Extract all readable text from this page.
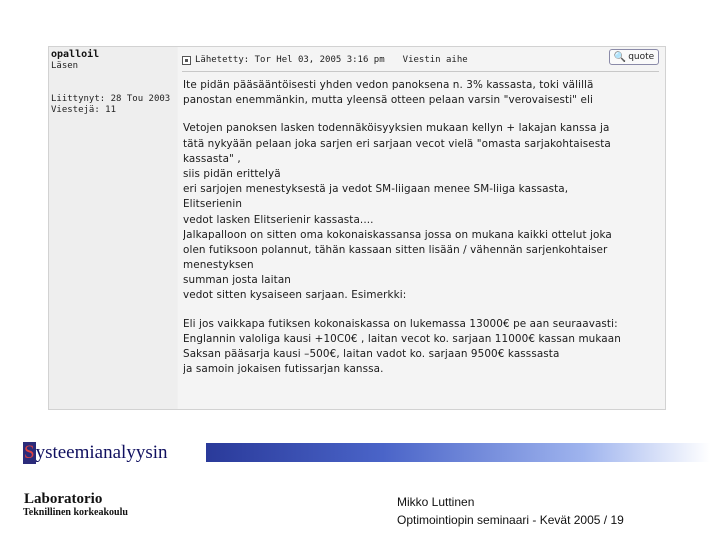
opalloil
Läsen
Liittynyt: 28 Tou 2003
Viestejä: 11
Lähetetty: Tor Hel 03, 2005 3:16 pm Viestin aihe	🔍 quote
Ite pidän pääsääntöisesti yhden vedon panoksena n. 3% kassasta, toki välillä
panostan enemmänkin, mutta yleensä otteen pelaan varsin "verovaisesti" eli
Vetojen panoksen lasken todennäköisyyksien mukaan kellyn + lakajan kanssa ja
tätä nykyään pelaan joka sarjen eri sarjaan vecot vielä "omasta sarjakohtaisesta
kassasta" ,
siis pidän erittelyä
eri sarjojen menestyksestä ja vedot SM-liigaan menee SM-liiga kassasta,
Elitserienin
vedot lasken Elitserienir kassasta....
Jalkapalloon on sitten oma kokonaiskassansa jossa on mukana kaikki ottelut joka
olen futiksoon polannut, tähän kassaan sitten lisään / vähennän sarjenkohtaiser
menestyksen
summan josta laitan
vedot sitten kysaiseen sarjaan. Esimerkki:
Eli jos vaikkapa futiksen kokonaiskassa on lukemassa 13000€ pe aan seuraavasti:
Englannin valoliga kausi +10C0€ , laitan vecot ko. sarjaan 11000€ kassan mukaan
Saksan pääsarja kausi –500€, laitan vadot ko. sarjaan 9500€ kasssasta
ja samoin jokaisen futissarjan kanssa.
Systeemianalyysin
Laboratorio
Teknillinen korkeakoulu
Mikko Luttinen
Optimointiopin seminaari - Kevät 2005 / 19
